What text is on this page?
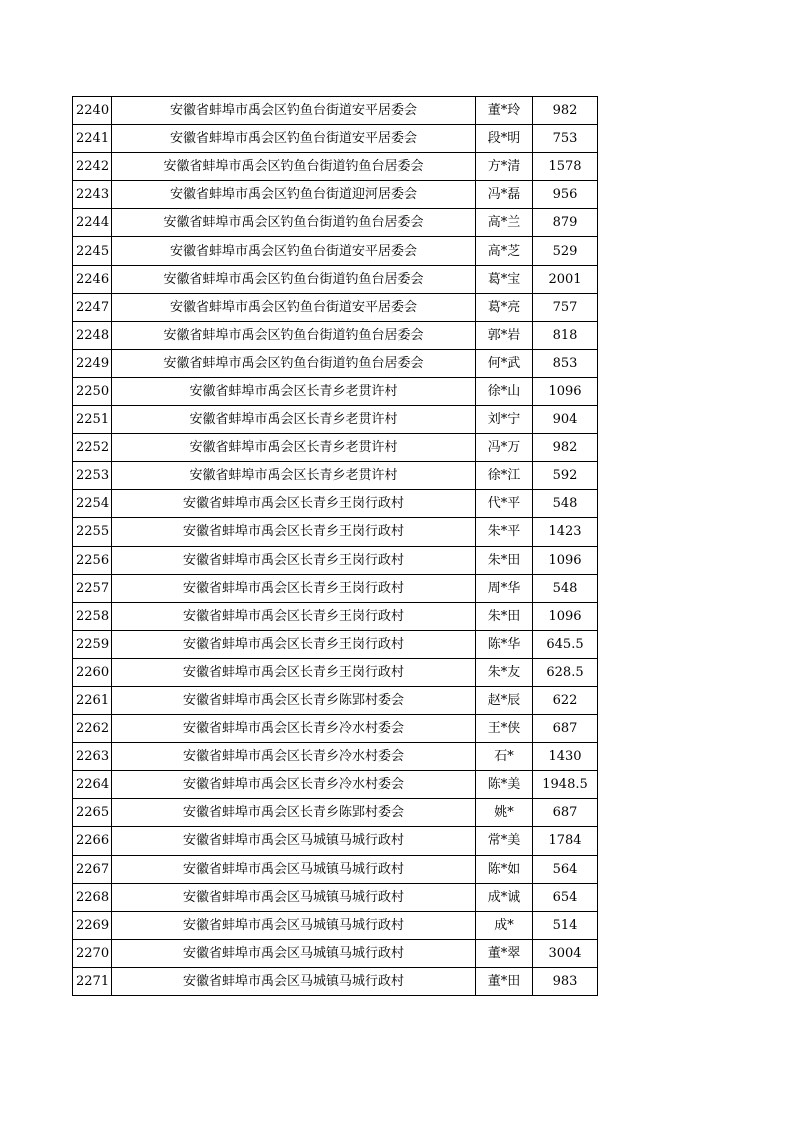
2240	安徽省蚌埠市禹会区钓鱼台街道安平居委会	董*玲	982
2241	安徽省蚌埠市禹会区钓鱼台街道安平居委会	段*明	753
2242	安徽省蚌埠市禹会区钓鱼台街道钓鱼台居委会	方*清	1578
2243	安徽省蚌埠市禹会区钓鱼台街道迎河居委会	冯*磊	956
2244	安徽省蚌埠市禹会区钓鱼台街道钓鱼台居委会	高*兰	879
2245	安徽省蚌埠市禹会区钓鱼台街道安平居委会	高*芝	529
2246	安徽省蚌埠市禹会区钓鱼台街道钓鱼台居委会	葛*宝	2001
2247	安徽省蚌埠市禹会区钓鱼台街道安平居委会	葛*亮	757
2248	安徽省蚌埠市禹会区钓鱼台街道钓鱼台居委会	郭*岩	818
2249	安徽省蚌埠市禹会区钓鱼台街道钓鱼台居委会	何*武	853
2250	安徽省蚌埠市禹会区长青乡老贯许村	徐*山	1096
2251	安徽省蚌埠市禹会区长青乡老贯许村	刘*宁	904
2252	安徽省蚌埠市禹会区长青乡老贯许村	冯*万	982
2253	安徽省蚌埠市禹会区长青乡老贯许村	徐*江	592
2254	安徽省蚌埠市禹会区长青乡王岗行政村	代*平	548
2255	安徽省蚌埠市禹会区长青乡王岗行政村	朱*平	1423
2256	安徽省蚌埠市禹会区长青乡王岗行政村	朱*田	1096
2257	安徽省蚌埠市禹会区长青乡王岗行政村	周*华	548
2258	安徽省蚌埠市禹会区长青乡王岗行政村	朱*田	1096
2259	安徽省蚌埠市禹会区长青乡王岗行政村	陈*华	645.5
2260	安徽省蚌埠市禹会区长青乡王岗行政村	朱*友	628.5
2261	安徽省蚌埠市禹会区长青乡陈郢村委会	赵*辰	622
2262	安徽省蚌埠市禹会区长青乡冷水村委会	王*侠	687
2263	安徽省蚌埠市禹会区长青乡冷水村委会	石*	1430
2264	安徽省蚌埠市禹会区长青乡冷水村委会	陈*美	1948.5
2265	安徽省蚌埠市禹会区长青乡陈郢村委会	姚*	687
2266	安徽省蚌埠市禹会区马城镇马城行政村	常*美	1784
2267	安徽省蚌埠市禹会区马城镇马城行政村	陈*如	564
2268	安徽省蚌埠市禹会区马城镇马城行政村	成*诚	654
2269	安徽省蚌埠市禹会区马城镇马城行政村	成*	514
2270	安徽省蚌埠市禹会区马城镇马城行政村	董*翠	3004
2271	安徽省蚌埠市禹会区马城镇马城行政村	董*田	983
